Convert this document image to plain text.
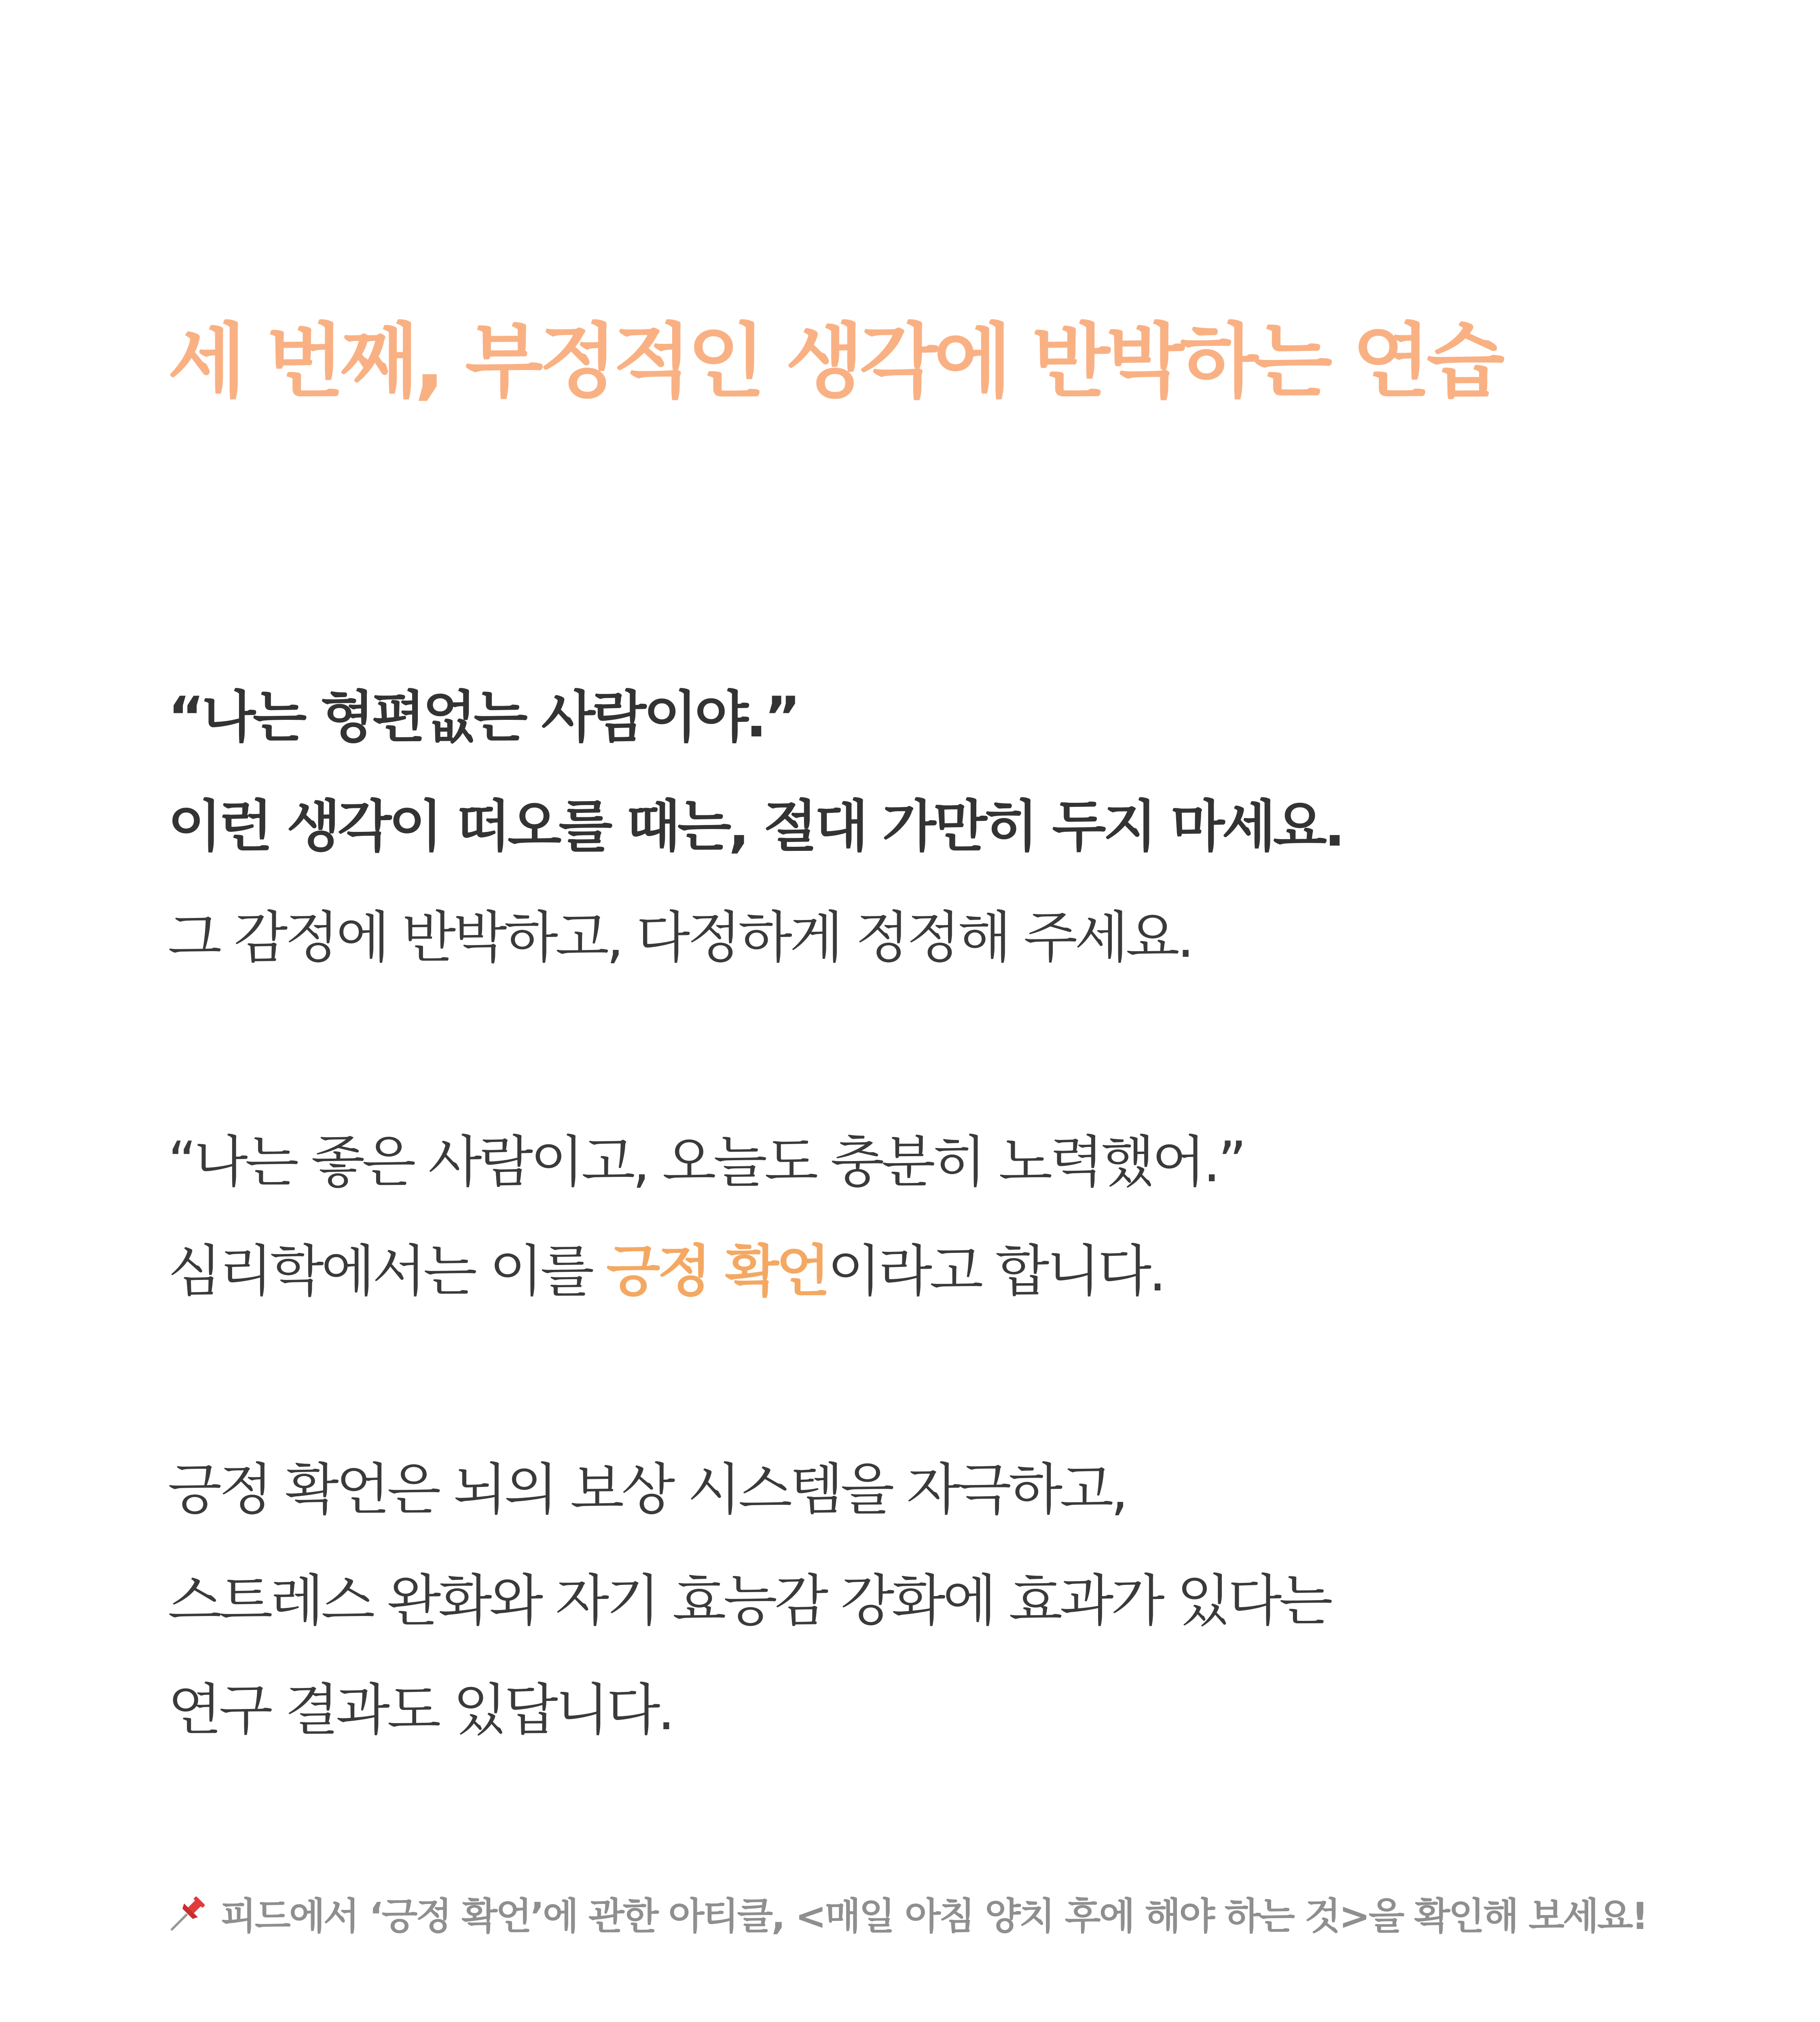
세 번째, 부정적인 생각에 반박하는 연습

“나는 형편없는 사람이야.”

이런 생각이 떠오를 때는, 절대 가만히 두지 마세요.

그 감정에 반박하고, 다정하게 정정해 주세요.

“나는 좋은 사람이고, 오늘도 충분히 노력했어.”

심리학에서는 이를 긍정 확언이라고 합니다.

긍정 확언은 뇌의 보상 시스템을 자극하고,

스트레스 완화와 자기 효능감 강화에 효과가 있다는

연구 결과도 있답니다.

피드에서 ‘긍정 확언’에 관한 아티클, <매일 아침 양치 후에 해야 하는 것>을 확인해 보세요!
